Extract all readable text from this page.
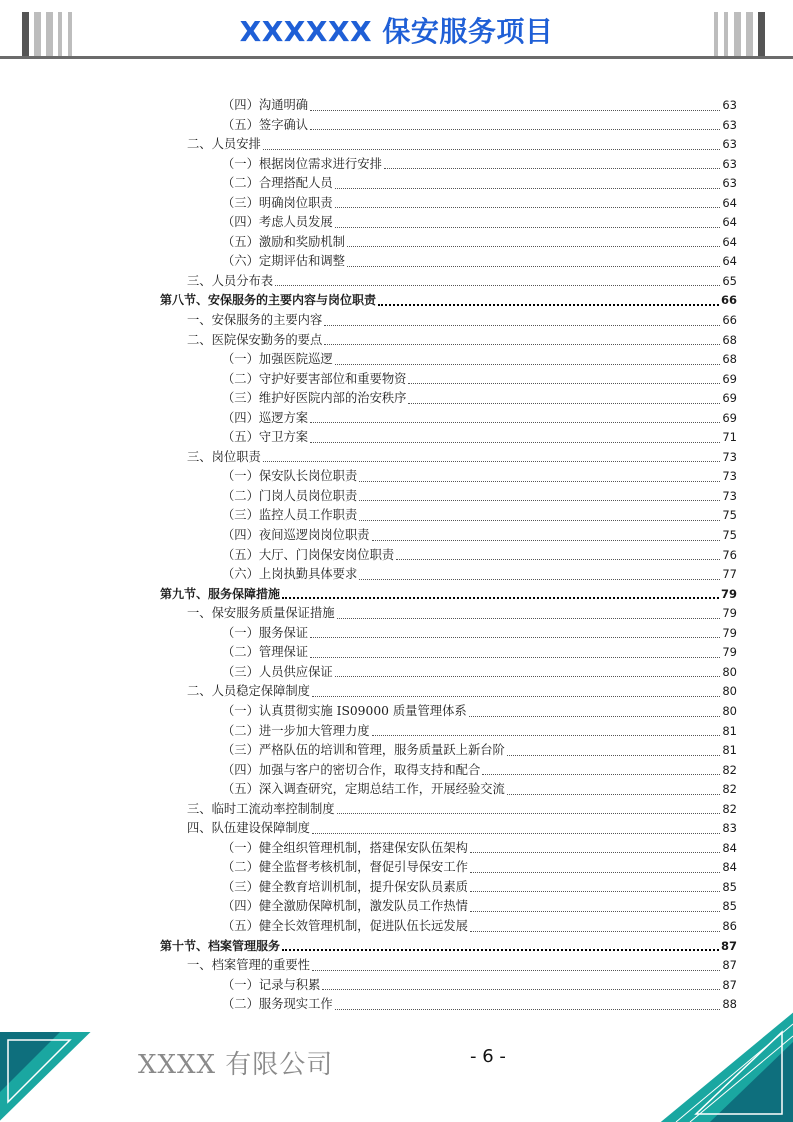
XXXXXX 保安服务项目
（四）沟通明确	63
（五）签字确认	63
二、人员安排	63
（一）根据岗位需求进行安排	63
（二）合理搭配人员	63
（三）明确岗位职责	64
（四）考虑人员发展	64
（五）激励和奖励机制	64
（六）定期评估和调整	64
三、人员分布表	65
第八节、安保服务的主要内容与岗位职责	66
一、安保服务的主要内容	66
二、医院保安勤务的要点	68
（一）加强医院巡逻	68
（二）守护好要害部位和重要物资	69
（三）维护好医院内部的治安秩序	69
（四）巡逻方案	69
（五）守卫方案	71
三、岗位职责	73
（一）保安队长岗位职责	73
（二）门岗人员岗位职责	73
（三）监控人员工作职责	75
（四）夜间巡逻岗岗位职责	75
（五）大厅、门岗保安岗位职责	76
（六）上岗执勤具体要求	77
第九节、服务保障措施	79
一、保安服务质量保证措施	79
（一）服务保证	79
（二）管理保证	79
（三）人员供应保证	80
二、人员稳定保障制度	80
（一）认真贯彻实施 IS09000 质量管理体系	80
（二）进一步加大管理力度	81
（三）严格队伍的培训和管理，服务质量跃上新台阶	81
（四）加强与客户的密切合作，取得支持和配合	82
（五）深入调查研究，定期总结工作，开展经验交流	82
三、临时工流动率控制制度	82
四、队伍建设保障制度	83
（一）健全组织管理机制，搭建保安队伍架构	84
（二）健全监督考核机制，督促引导保安工作	84
（三）健全教育培训机制，提升保安队员素质	85
（四）健全激励保障机制，激发队员工作热情	85
（五）健全长效管理机制，促进队伍长远发展	86
第十节、档案管理服务	87
一、档案管理的重要性	87
（一）记录与积累	87
（二）服务现实工作	88
XXXX 有限公司	- 6 -
